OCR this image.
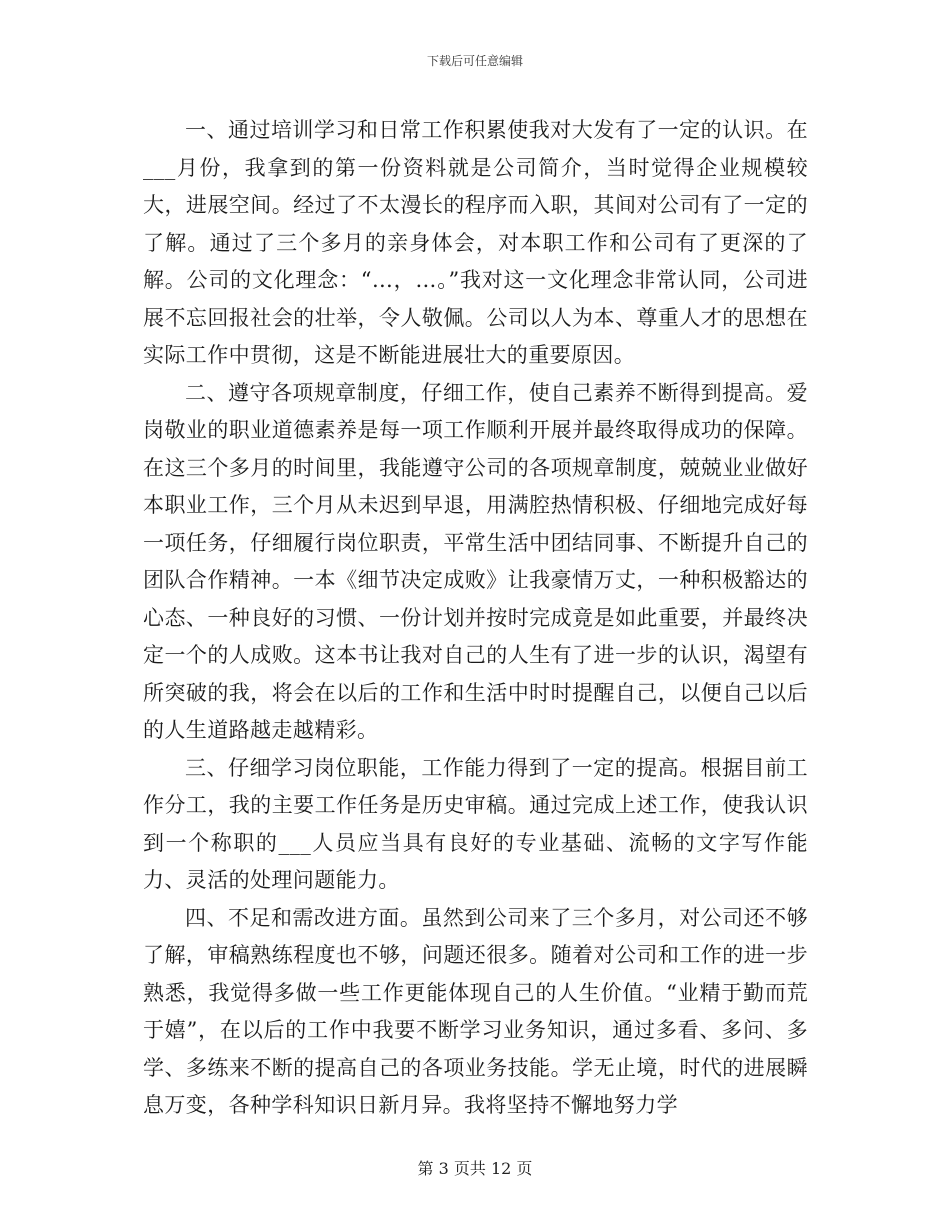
下载后可任意编辑

一、通过培训学习和日常工作积累使我对大发有了一定的认识。在___月份，我拿到的第一份资料就是公司简介，当时觉得企业规模较大，进展空间。经过了不太漫长的程序而入职，其间对公司有了一定的了解。通过了三个多月的亲身体会，对本职工作和公司有了更深的了解。公司的文化理念：“…，…。”我对这一文化理念非常认同，公司进展不忘回报社会的壮举，令人敬佩。公司以人为本、尊重人才的思想在实际工作中贯彻，这是不断能进展壮大的重要原因。

二、遵守各项规章制度，仔细工作，使自己素养不断得到提高。爱岗敬业的职业道德素养是每一项工作顺利开展并最终取得成功的保障。在这三个多月的时间里，我能遵守公司的各项规章制度，兢兢业业做好本职业工作，三个月从未迟到早退，用满腔热情积极、仔细地完成好每一项任务，仔细履行岗位职责，平常生活中团结同事、不断提升自己的团队合作精神。一本《细节决定成败》让我豪情万丈，一种积极豁达的心态、一种良好的习惯、一份计划并按时完成竟是如此重要，并最终决定一个的人成败。这本书让我对自己的人生有了进一步的认识，渴望有所突破的我，将会在以后的工作和生活中时时提醒自己，以便自己以后的人生道路越走越精彩。

三、仔细学习岗位职能，工作能力得到了一定的提高。根据目前工作分工，我的主要工作任务是历史审稿。通过完成上述工作，使我认识到一个称职的___人员应当具有良好的专业基础、流畅的文字写作能力、灵活的处理问题能力。

四、不足和需改进方面。虽然到公司来了三个多月，对公司还不够了解，审稿熟练程度也不够，问题还很多。随着对公司和工作的进一步熟悉，我觉得多做一些工作更能体现自己的人生价值。“业精于勤而荒于嬉”，在以后的工作中我要不断学习业务知识，通过多看、多问、多学、多练来不断的提高自己的各项业务技能。学无止境，时代的进展瞬息万变，各种学科知识日新月异。我将坚持不懈地努力学

第 3 页共 12 页
